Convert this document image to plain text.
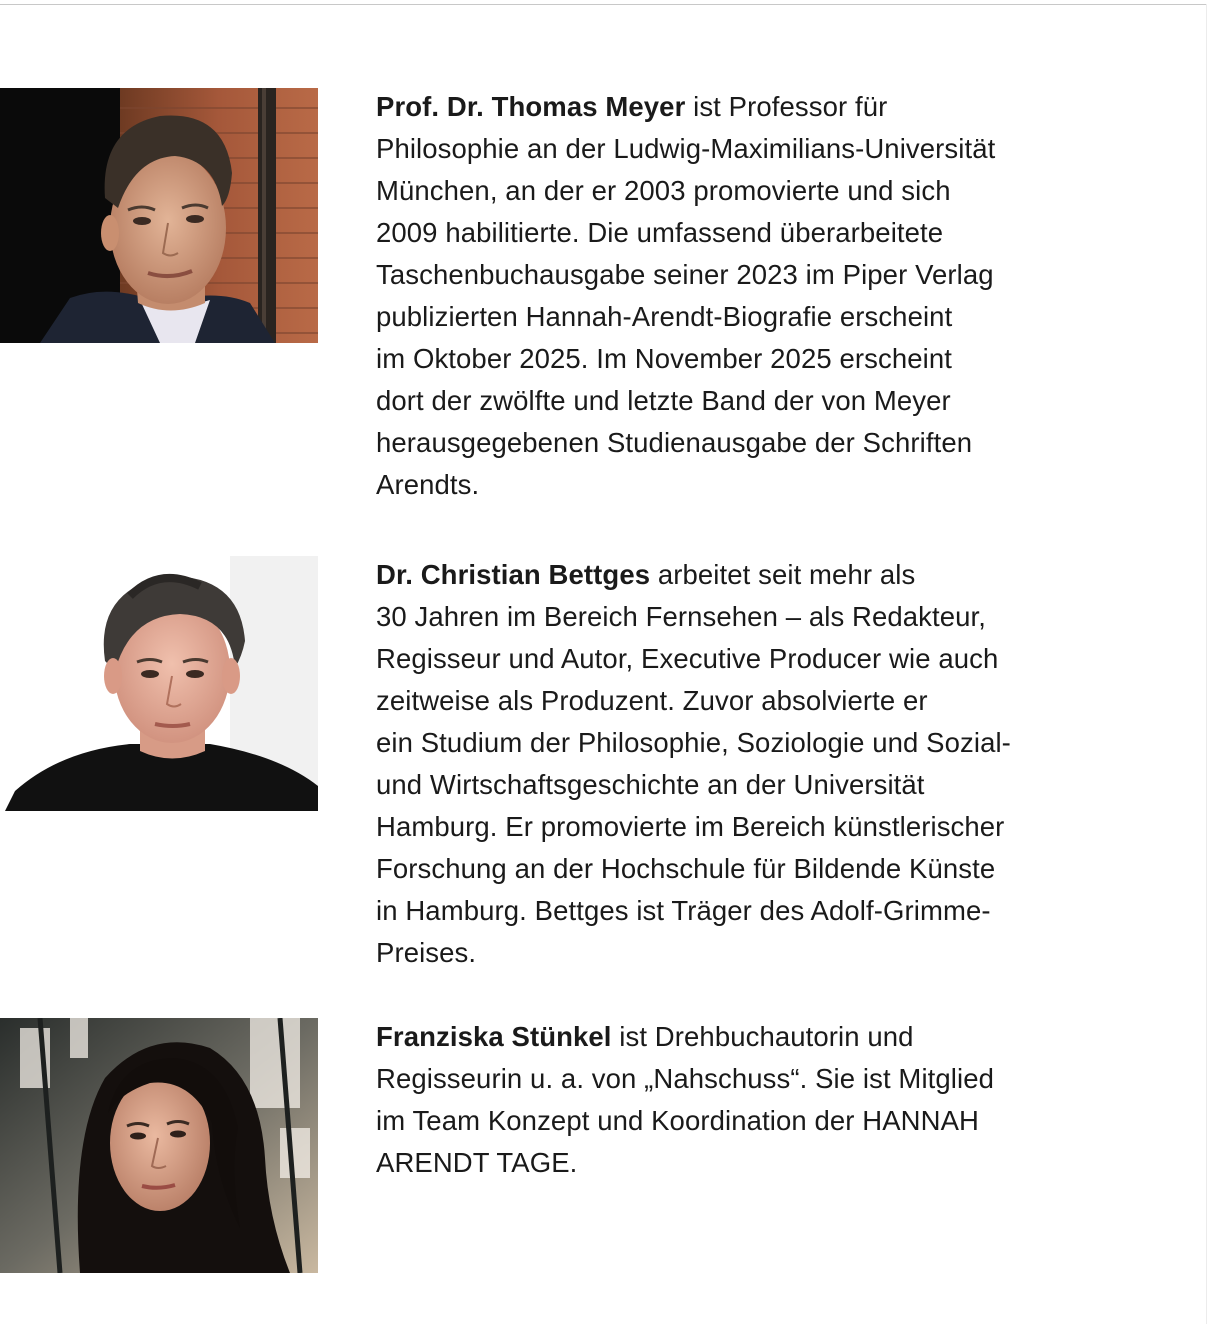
Prof. Dr. Thomas Meyer ist Professor für
Philosophie an der Ludwig-Maximilians-Universität
München, an der er 2003 promovierte und sich
2009 habilitierte. Die umfassend überarbeitete
Taschenbuchausgabe seiner 2023 im Piper Verlag
publizierten Hannah-Arendt-Biografie erscheint
im Oktober 2025. Im November 2025 erscheint
dort der zwölfte und letzte Band der von Meyer
herausgegebenen Studienausgabe der Schriften
Arendts.

Dr. Christian Bettges arbeitet seit mehr als
30 Jahren im Bereich Fernsehen – als Redakteur,
Regisseur und Autor, Executive Producer wie auch
zeitweise als Produzent. Zuvor absolvierte er
ein Studium der Philosophie, Soziologie und Sozial-
und Wirtschaftsgeschichte an der Universität
Hamburg. Er promovierte im Bereich künstlerischer
Forschung an der Hochschule für Bildende Künste
in Hamburg. Bettges ist Träger des Adolf-Grimme-
Preises.

Franziska Stünkel ist Drehbuchautorin und
Regisseurin u. a. von „Nahschuss“. Sie ist Mitglied
im Team Konzept und Koordination der HANNAH
ARENDT TAGE.
